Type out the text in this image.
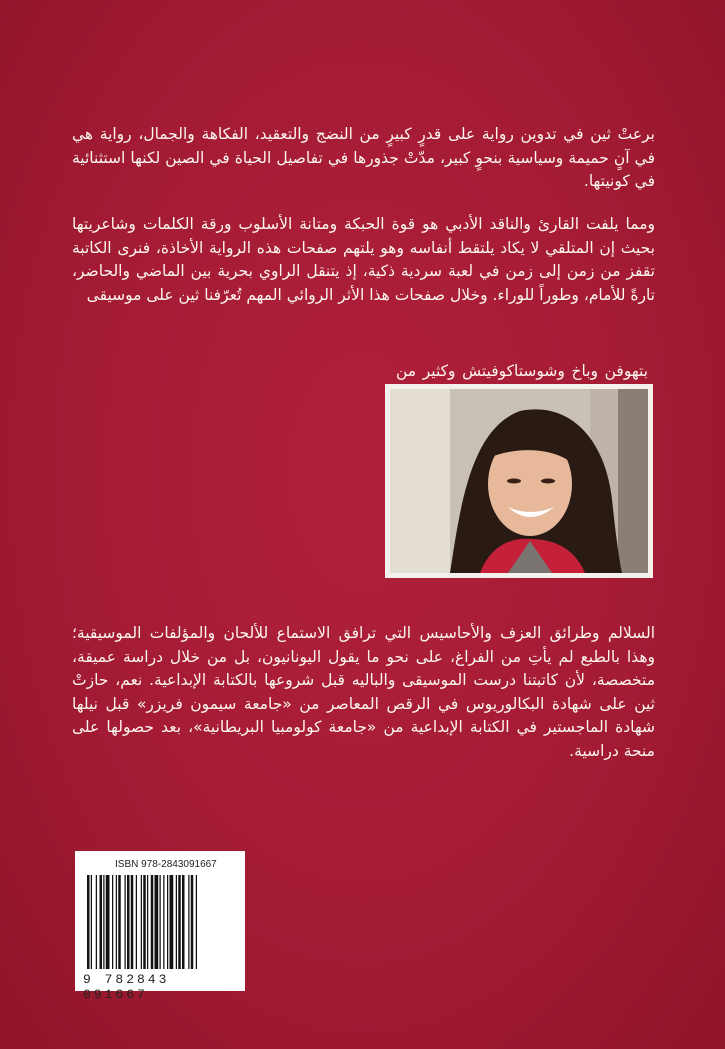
برعتْ ثين في تدوين رواية على قدرٍ كبيرٍ من النضج والتعقيد، الفكاهة والجمال، رواية هي في آنٍ حميمة وسياسية بنحوٍ كبير، مدّتْ جذورها في تفاصيل الحياة في الصين لكنها استثنائية في كونيتها.

ومما يلفت القارئ والناقد الأدبي هو قوة الحبكة ومتانة الأسلوب ورقة الكلمات وشاعريتها بحيث إن المتلقي لا يكاد يلتقط أنفاسه وهو يلتهم صفحات هذه الرواية الأخاذة، فنرى الكاتبة تقفز من زمن إلى زمن في لعبة سردية ذكية، إذ يتنقل الراوي بحرية بين الماضي والحاضر، تارةً للأمام، وطوراً للوراء. وخلال صفحات هذا الأثر الروائي المهم تُعرّفنا ثين على موسيقى

بتهوفن وباخ وشوستاكوفيتش وكثير من

السلالم وطرائق العزف والأحاسيس التي ترافق الاستماع للألحان والمؤلفات الموسيقية؛ وهذا بالطبع لم يأتِ من الفراغ، على نحو ما يقول اليونانيون، بل من خلال دراسة عميقة، متخصصة، لأن كاتبتنا درست الموسيقى والباليه قبل شروعها بالكتابة الإبداعية. نعم، حازتْ ثين على شهادة البكالوريوس في الرقص المعاصر من «جامعة سيمون فريزر» قبل نيلها شهادة الماجستير في الكتابة الإبداعية من «جامعة كولومبيا البريطانية»، بعد حصولها على منحة دراسية.

ISBN 978-2843091667
9 782843 091667
